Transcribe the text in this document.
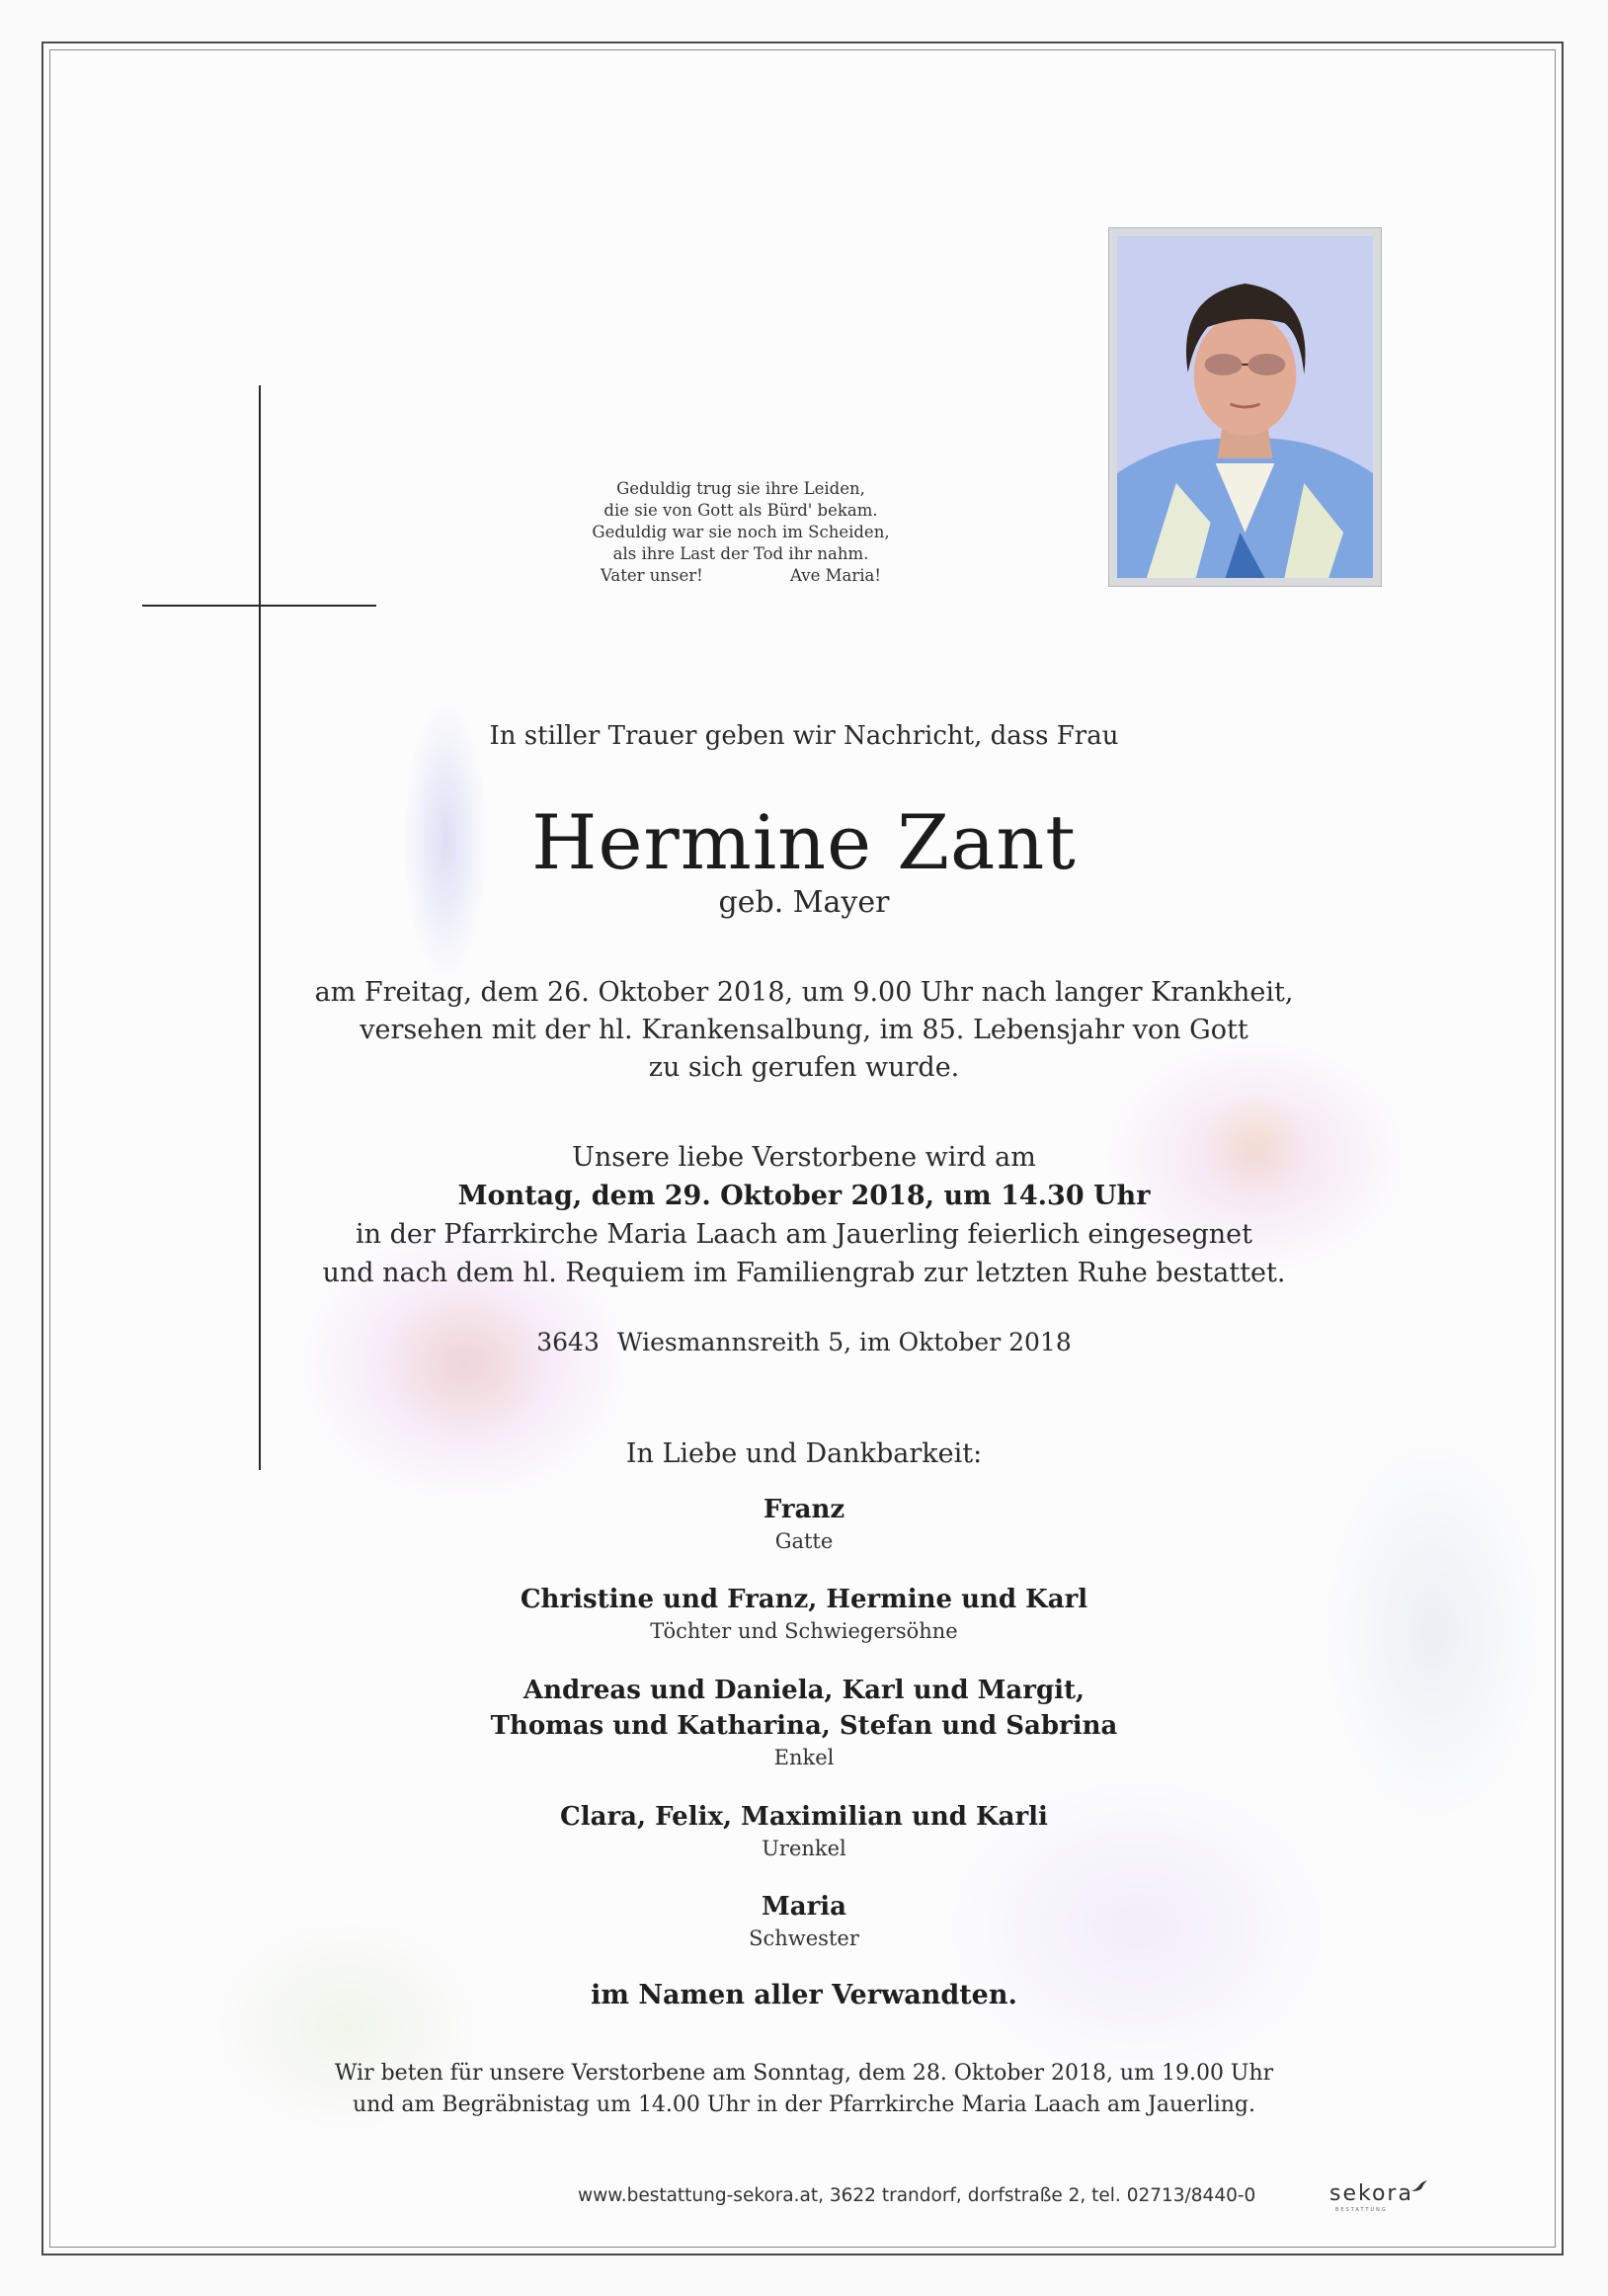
Geduldig trug sie ihre Leiden,
die sie von Gott als Bürd' bekam.
Geduldig war sie noch im Scheiden,
als ihre Last der Tod ihr nahm.
Vater unser!	Ave Maria!
In stiller Trauer geben wir Nachricht, dass Frau
Hermine Zant
geb. Mayer
am Freitag, dem 26. Oktober 2018, um 9.00 Uhr nach langer Krankheit,
versehen mit der hl. Krankensalbung, im 85. Lebensjahr von Gott
zu sich gerufen wurde.
Unsere liebe Verstorbene wird am
Montag, dem 29. Oktober 2018, um 14.30 Uhr
in der Pfarrkirche Maria Laach am Jauerling feierlich eingesegnet
und nach dem hl. Requiem im Familiengrab zur letzten Ruhe bestattet.
3643 Wiesmannsreith 5, im Oktober 2018
In Liebe und Dankbarkeit:
Franz
Gatte
Christine und Franz, Hermine und Karl
Töchter und Schwiegersöhne
Andreas und Daniela, Karl und Margit,
Thomas und Katharina, Stefan und Sabrina
Enkel
Clara, Felix, Maximilian und Karli
Urenkel
Maria
Schwester
im Namen aller Verwandten.
Wir beten für unsere Verstorbene am Sonntag, dem 28. Oktober 2018, um 19.00 Uhr
und am Begräbnistag um 14.00 Uhr in der Pfarrkirche Maria Laach am Jauerling.
www.bestattung-sekora.at, 3622 trandorf, dorfstraße 2, tel. 02713/8440-0	sekora
BESTATTUNG
